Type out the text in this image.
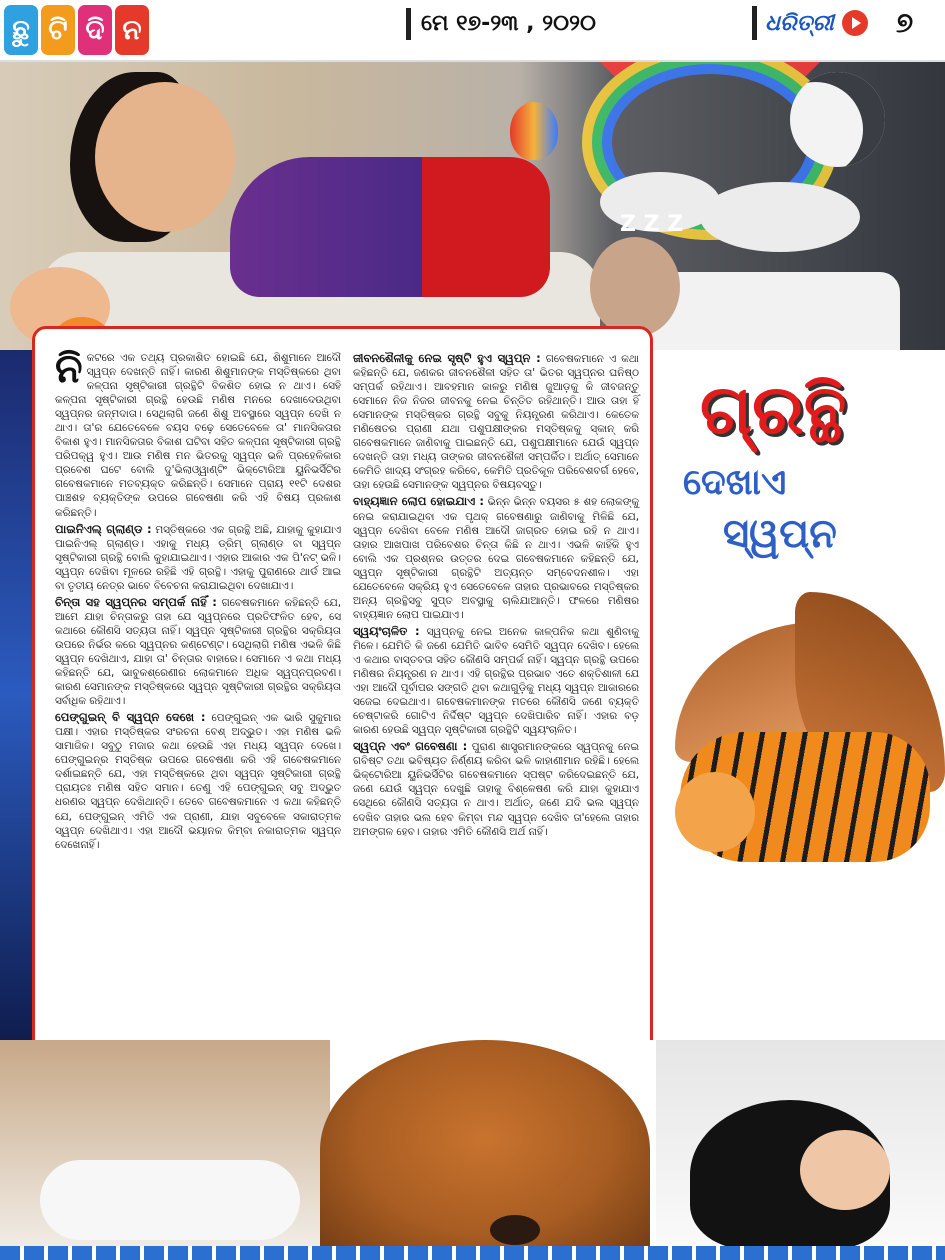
ଛୁ ଟି ଦି ନ	ମେ ୧୭-୨୩ , ୨୦୨୦	ଧରିତ୍ରୀ ୭
Z Z Z
ଗ୍ରନ୍ଥି
ଦେଖାଏ
ସ୍ୱପ୍ନ

ନିକଟରେ ଏକ ତଥ୍ୟ ପ୍ରକାଶିତ ହୋଇଛି ଯେ, ଶିଶୁମାନେ ଆଦୌ ସ୍ୱପ୍ନ ଦେଖନ୍ତି ନାହିଁ। କାରଣ ଶିଶୁମାନଙ୍କ ମସ୍ତିଷ୍କରେ ଥିବା କଳ୍ପନା ସୃଷ୍ଟିକାରୀ ଗ୍ରନ୍ଥିଟି ବିକଶିତ ହୋଇ ନ ଥାଏ। ସେହି କଳ୍ପନା ସୃଷ୍ଟିକାରୀ ଗ୍ରନ୍ଥି ହେଉଛି ମଣିଷ ମନରେ ଦେଖାଦେଉଥିବା ସ୍ୱପ୍ନର ଜନ୍ମଦାତା। ସେଥିଲାଗି ଜଣେ ଶିଶୁ ଅବସ୍ଥାରେ ସ୍ୱପ୍ନ ଦେଖି ନ ଥାଏ। ତା'ର ଯେତେବେଳେ ବୟସ ବଢ଼େ ସେତେବେଳେ ତା' ମାନସିକତାର ବିକାଶ ହୁଏ। ମାନସିକତାର ବିକାଶ ଘଟିବା ସହିତ କଳ୍ପନା ସୃଷ୍ଟିକାରୀ ଗ୍ରନ୍ଥି ପରିପକ୍ୱ ହୁଏ। ଆଉ ମଣିଷ ମନ ଭିତରକୁ ସ୍ୱପ୍ନ ଭଳି ପ୍ରହେଳିକାର ପ୍ରବେଶ ଘଟେ ବୋଲି ଦୁ'ଭିଲାଓ୍ୱାଣ୍ଟିଂ ଭିକ୍ଟୋରିଆ ୟୁନିଭର୍ସିଟିର ଗବେଷକମାନେ ମତବ୍ୟକ୍ତ କରିଛନ୍ତି। ସେମାନେ ପ୍ରାୟ ୧୧ଟି ଦେଶର ପାଞ୍ଚଶହ ବ୍ୟକ୍ତିଙ୍କ ଉପରେ ଗବେଷଣା କରି ଏହି ବିଷୟ ପ୍ରକାଶ କରିଛନ୍ତି।

ପାଇନିଏଲ୍ ଗ୍ଲାଣ୍ଡ : ମସ୍ତିଷ୍କରେ ଏକ ଗ୍ରନ୍ଥି ଅଛି, ଯାହାକୁ କୁହାଯାଏ ପାଇନିଏଲ୍ ଗ୍ଲାଣ୍ଡ। ଏହାକୁ ମଧ୍ୟ ଡ୍ରିମ୍ ଗ୍ଲାଣ୍ଡ ବା ସ୍ୱପ୍ନ ସୃଷ୍ଟିକାରୀ ଗ୍ରନ୍ଥି ବୋଲି କୁହାଯାଇଥାଏ। ଏହାର ଆକାର ଏକ ପି'ନଟ୍ ଭଳି। ସ୍ୱପ୍ନ ଦେଖିବା ମୂଳରେ ରହିଛି ଏହି ଗ୍ରନ୍ଥି। ଏହାକୁ ପୁରାଣରେ ଥାର୍ଡ ଆଇ ବା ତୃତୀୟ ନେତ୍ର ଭାବେ ବିବେଚନା କରାଯାଇଥିବା ଦେଖାଯାଏ।

ଚିନ୍ତା ସହ ସ୍ୱପ୍ନର ସମ୍ପର୍କ ନାହିଁ : ଗବେଷକମାନେ କହିଛନ୍ତି ଯେ, ଆମେ ଯାହା ଚିନ୍ତାକରୁ ତାହା ଯେ ସ୍ୱପ୍ନରେ ପ୍ରତିଫଳିତ ହେବ, ସେ କଥାରେ କୌଣସି ସତ୍ୟତା ନାହିଁ। ସ୍ୱପ୍ନ ସୃଷ୍ଟିକାରୀ ଗ୍ରନ୍ଥିର ସକ୍ରିୟତା ଉପରେ ନିର୍ଭର କରେ ସ୍ୱପ୍ନର କଣ୍ଟେଣ୍ଟ। ସେଥିଲାଗି ମଣିଷ ଏଭଳି କିଛି ସ୍ୱପ୍ନ ଦେଖିଥାଏ, ଯାହା ତା' ଚିନ୍ତାର ବାହାରେ। ସେମାନେ ଏ କଥା ମଧ୍ୟ କହିଛନ୍ତି ଯେ, ଭାବୁକଶ୍ରେଣୀର ଲୋକମାନେ ଅଧିକ ସ୍ୱପ୍ନପ୍ରବଣ। କାରଣ ସେମାନଙ୍କ ମସ୍ତିଷ୍କରେ ସ୍ୱପ୍ନ ସୃଷ୍ଟିକାରୀ ଗ୍ରନ୍ଥିର ସକ୍ରିୟତା ସର୍ବାଧିକ ରହିଥାଏ।

ପେଙ୍ଗୁଇନ୍ ବି ସ୍ୱପ୍ନ ଦେଖେ : ପେଙ୍ଗୁଇନ୍ ଏକ ଭାରି ସୁକୁମାର ପକ୍ଷୀ। ଏହାର ମସ୍ତିଷ୍କର ସଂରଚନା ବେଶ୍ ଅଦ୍ଭୁତ। ଏହା ମଣିଷ ଭଳି ସାମାଜିକ। ସବୁଠୁ ମଜାର କଥା ହେଉଛି ଏହା ମଧ୍ୟ ସ୍ୱପ୍ନ ଦେଖେ। ପେଙ୍ଗୁଇନ୍ର ମସ୍ତିଷ୍କ ଉପରେ ଗବେଷଣା କରି ଏହି ଗବେଷକମାନେ ଦର୍ଶାଇଛନ୍ତି ଯେ, ଏହା ମସ୍ତିଷ୍କରେ ଥିବା ସ୍ୱପ୍ନ ସୃଷ୍ଟିକାରୀ ଗ୍ରନ୍ଥି ପ୍ରାୟତଃ ମଣିଷ ସହିତ ସମାନ। ତେଣୁ ଏହି ପେଙ୍ଗୁଇନ୍ ସବୁ ଅଦ୍ଭୁତ ଧରଣର ସ୍ୱପ୍ନ ଦେଖିଥାନ୍ତି। ତେବେ ଗବେଷକମାନେ ଏ କଥା କହିଛନ୍ତି ଯେ, ପେଙ୍ଗୁଇନ୍ ଏମିତି ଏକ ପ୍ରାଣୀ, ଯାହା ସବୁବେଳେ ସକାରାତ୍ମକ ସ୍ୱପ୍ନ ଦେଖିଥାଏ। ଏହା ଆଦୌ ଭୟାନକ କିମ୍ବା ନକାରାତ୍ମକ ସ୍ୱପ୍ନ ଦେଖେନାହିଁ।

ଜୀବନଶୈଳୀକୁ ନେଇ ସୃଷ୍ଟି ହୁଏ ସ୍ୱପ୍ନ : ଗବେଷକମାନେ ଏ କଥା କହିଛନ୍ତି ଯେ, ଜଣକର ଜୀବନଶୈଳୀ ସହିତ ତା' ଭିତର ସ୍ୱପ୍ନର ଘନିଷ୍ଠ ସମ୍ପର୍କ ରହିଥାଏ। ଆବହମାନ କାଳରୁ ମଣିଷ ଜୁଆଡ଼କୁ କି ଜୀବଜନ୍ତୁ ସେମାନେ ନିଜ ନିଜର ଜୀବନକୁ ନେଇ ଚିନ୍ତିତ ରହିଥାନ୍ତି। ଆଉ ତାହା ହିଁ ସେମାନଙ୍କ ମସ୍ତିଷ୍କର ଗ୍ରନ୍ଥି ସବୁକୁ ନିୟନ୍ତ୍ରଣ କରିଥାଏ। କେତେକ ମଣିଷେତର ପ୍ରାଣୀ ଯଥା ପଶୁପକ୍ଷୀଙ୍କର ମସ୍ତିଷ୍କକୁ ସ୍କାନ୍ କରି ଗବେଷକମାନେ ଜାଣିବାକୁ ପାଇଛନ୍ତି ଯେ, ପଶୁପକ୍ଷୀମାନେ ଯେଉଁ ସ୍ୱପ୍ନ ଦେଖନ୍ତି ତାହା ମଧ୍ୟ ତାଙ୍କର ଜୀବନଶୈଳୀ ସମ୍ପର୍କିତ। ଅର୍ଥାତ୍ ସେମାନେ କେମିତି ଖାଦ୍ୟ ସଂଗ୍ରହ କରିବେ, କେମିତି ପ୍ରତିକୂଳ ପରିବେଶବର୍ଗ ହେବେ, ତାହା ହେଉଛି ସେମାନଙ୍କ ସ୍ୱପ୍ନର ବିଷୟବସ୍ତୁ।

ବାହ୍ୟଜ୍ଞାନ ଲୋପ ହୋଇଯାଏ : ଭିନ୍ନ ଭିନ୍ନ ବୟସର ୫ ଶହ ଲୋକଙ୍କୁ ନେଇ କରାଯାଇଥିବା ଏକ ପୃଥକ୍ ଗବେଷଣାରୁ ଜାଣିବାକୁ ମିଳିଛି ଯେ, ସ୍ୱପ୍ନ ଦେଖିବା ବେଳେ ମଣିଷ ଆଦୌ ଜାଗ୍ରତ ହୋଇ ରହି ନ ଥାଏ। ତାହାର ଆଖପାଖ ପରିବେଶର ଚିନ୍ତା କିଛି ନ ଥାଏ। ଏଭଳି କାହିଁକି ହୁଏ ବୋଲି ଏକ ପ୍ରଶ୍ନର ଉତ୍ତର ଦେଇ ଗବେଷକମାନେ କହିଛନ୍ତି ଯେ, ସ୍ୱପ୍ନ ସୃଷ୍ଟିକାରୀ ଗ୍ରନ୍ଥିଟି ଅତ୍ୟନ୍ତ ସମ୍ବେଦନଶୀଳ। ଏହା ଯେତେବେଳେ ସକ୍ରିୟ ହୁଏ ସେତେବେଳେ ତାହାର ପ୍ରଭାବରେ ମସ୍ତିଷ୍କର ଅନ୍ୟ ଗ୍ରନ୍ଥିସବୁ ସୁପ୍ତ ଅବସ୍ଥାକୁ ଚାଲିଯାଆନ୍ତି। ଫଳରେ ମଣିଷର ବାହ୍ୟଜ୍ଞାନ ଲୋପ ପାଇଯାଏ।

ସ୍ୱୟଂଚାଳିତ : ସ୍ୱପ୍ନକୁ ନେଇ ଅନେକ କାଳ୍ପନିକ କଥା ଶୁଣିବାକୁ ମିଳେ। ଯେମିତି କି ଜଣେ ଯେମିତି ଭାବିବ ସେମିତି ସ୍ୱପ୍ନ ଦେଖିବ। ହେଲେ ଏ କଥାର ବାସ୍ତବତା ସହିତ କୌଣସି ସମ୍ପର୍କ ନାହିଁ। ସ୍ୱପ୍ନ ଗ୍ରନ୍ଥି ଉପରେ ମଣିଷର ନିୟନ୍ତ୍ରଣ ନ ଥାଏ। ଏହି ଗ୍ରନ୍ଥିର ପ୍ରଭାବ ଏତେ ଶକ୍ତିଶାଳୀ ଯେ ଏହା ଆଦୌ ପୂର୍ବାପର ସଙ୍ଗତି ଥିବା କଥାଗୁଡ଼ିକୁ ମଧ୍ୟ ସ୍ୱପ୍ନ ଆକାରରେ ସଜେଇ ଦେଇଥାଏ। ଗବେଷକମାନଙ୍କ ମତରେ କୌଣସି ଜଣେ ବ୍ୟକ୍ତି ଚେଷ୍ଟାକରି ଗୋଟିଏ ନିର୍ଦ୍ଦିଷ୍ଟ ସ୍ୱପ୍ନ ଦେଖିପାରିବ ନାହିଁ। ଏହାର ବଡ଼ କାରଣ ହେଉଛି ସ୍ୱପ୍ନ ସୃଷ୍ଟିକାରୀ ଗ୍ରନ୍ଥିଟି ସ୍ୱୟଂଚାଳିତ।

ସ୍ୱପ୍ନ ଏବଂ ଗବେଷଣା : ପୁରାଣ ଶାସ୍ତ୍ରମାନଙ୍କରେ ସ୍ୱପ୍ନକୁ ନେଇ ଗବିଷ୍ଟ ତଥା ଭବିଷ୍ୟତ ନିର୍ଣ୍ଣୟ କରିବା ଭଳି କାହାଣୀମାନ ରହିଛି। ହେଲେ ଭିକ୍ଟୋରିଆ ୟୁନିଭର୍ସିଟିର ଗବେଷକମାନେ ସ୍ପଷ୍ଟ କରିଦେଇଛନ୍ତି ଯେ, ଜଣେ ଯେଉଁ ସ୍ୱପ୍ନ ଦେଖୁଛି ତାହାକୁ ବିଶ୍ଳେଷଣ କରି ଯାହା କୁହାଯାଏ ସେଥିରେ କୌଣସି ସତ୍ୟତା ନ ଥାଏ। ଅର୍ଥାତ୍, ଜଣେ ଯଦି ଭଲ ସ୍ୱପ୍ନ ଦେଖିବ ତାହାର ଭଲ ହେବ କିମ୍ବା ମନ୍ଦ ସ୍ୱପ୍ନ ଦେଖିବ ତା'ହେଲେ ତାହାର ଅମଙ୍ଗଳ ହେବ। ତାହାର ଏମିତି କୌଣସି ଅର୍ଥ ନାହିଁ।
